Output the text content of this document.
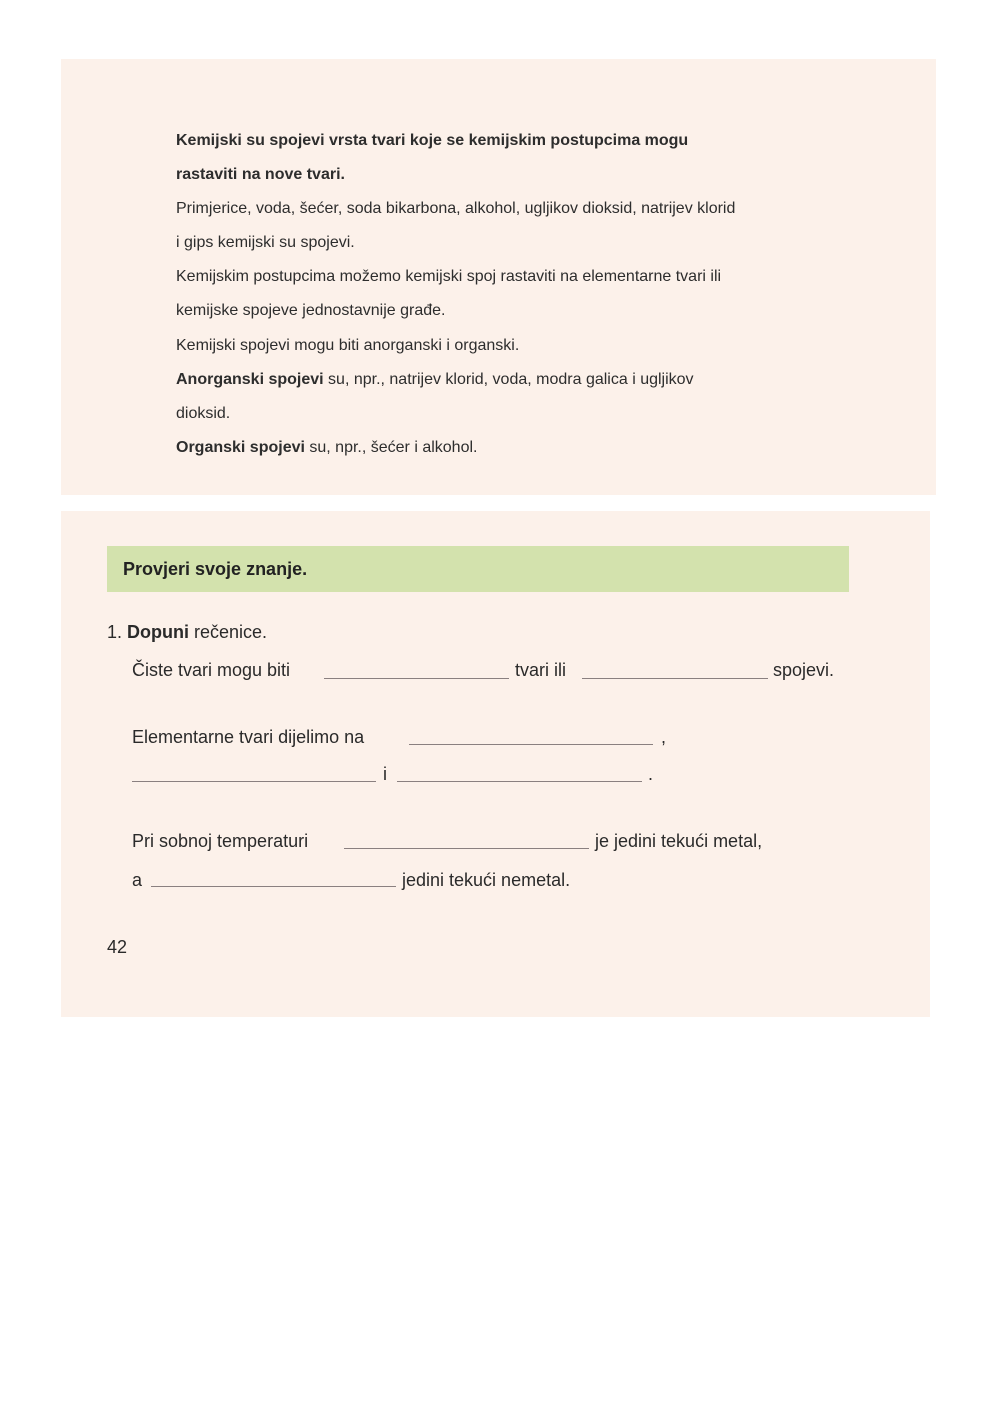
Kemijski su spojevi vrsta tvari koje se kemijskim postupcima mogu
rastaviti na nove tvari.
Primjerice, voda, šećer, soda bikarbona, alkohol, ugljikov dioksid, natrijev klorid
i gips kemijski su spojevi.
Kemijskim postupcima možemo kemijski spoj rastaviti na elementarne tvari ili
kemijske spojeve jednostavnije građe.
Kemijski spojevi mogu biti anorganski i organski.
Anorganski spojevi su, npr., natrijev klorid, voda, modra galica i ugljikov
dioksid.
Organski spojevi su, npr., šećer i alkohol.
Provjeri svoje znanje.
1. Dopuni rečenice.
Čiste tvari mogu biti	tvari ili	spojevi.
Elementarne tvari dijelimo na	,
i	.
Pri sobnoj temperaturi	je jedini tekući metal,
a	jedini tekući nemetal.
42
